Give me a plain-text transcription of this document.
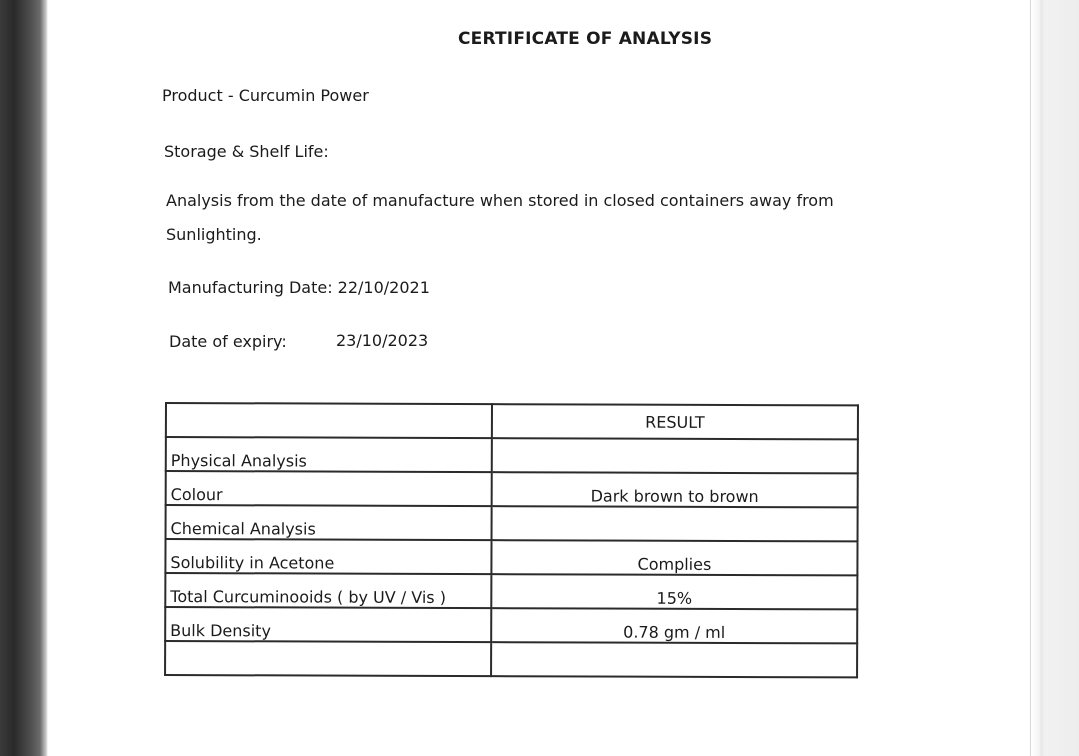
CERTIFICATE OF ANALYSIS
Product - Curcumin Power
Storage & Shelf Life:
Analysis from the date of manufacture when stored in closed containers away from
Sunlighting.
Manufacturing Date: 22/10/2021
Date of expiry:	23/10/2023
	RESULT
Physical Analysis	
Colour	Dark brown to brown
Chemical Analysis	
Solubility in Acetone	Complies
Total Curcuminooids ( by UV / Vis )	15%
Bulk Density	0.78 gm / ml
